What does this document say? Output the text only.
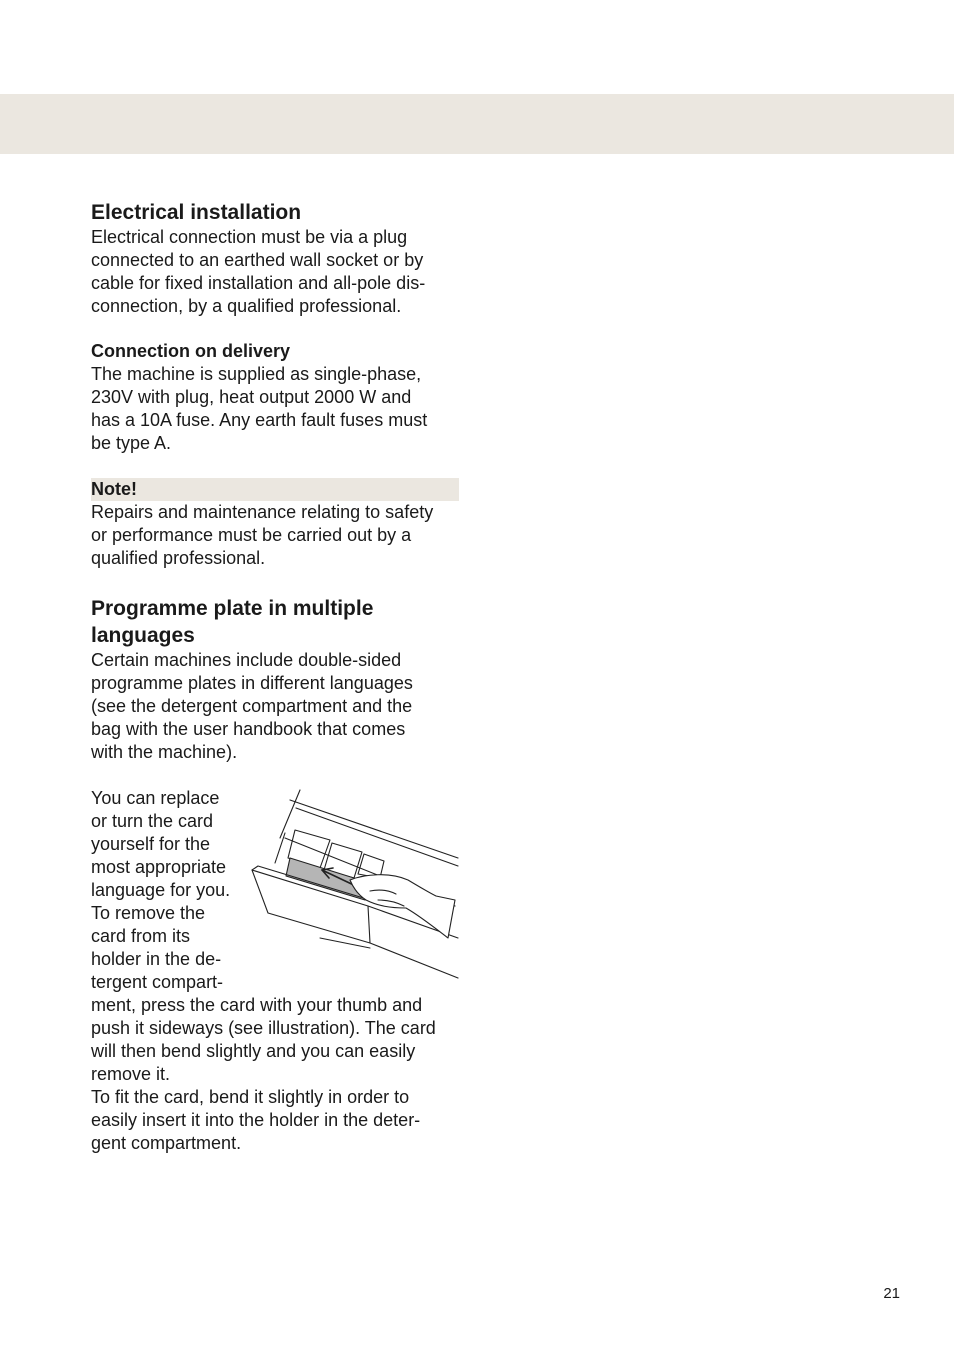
Electrical installation

Electrical connection must be via a plug
connected to an earthed wall socket or by
cable for fixed installation and all-pole dis-
connection, by a qualified professional.

Connection on delivery

The machine is supplied as single-phase,
230V with plug, heat output 2000 W and
has a 10A fuse. Any earth fault fuses must
be type A.

Note!

Repairs and maintenance relating to safety
or performance must be carried out by a
qualified professional.

Programme plate in multiple

languages

Certain machines include double-sided
programme plates in different languages
(see the detergent compartment and the
bag with the user handbook that comes
with the machine).

You can replace
or turn the card
yourself for the
most appropriate
language for you.
To remove the
card from its
holder in the de-
tergent compart-

ment, press the card with your thumb and
push it sideways (see illustration). The card
will then bend slightly and you can easily
remove it.
To fit the card, bend it slightly in order to
easily insert it into the holder in the deter-
gent compartment.

21
